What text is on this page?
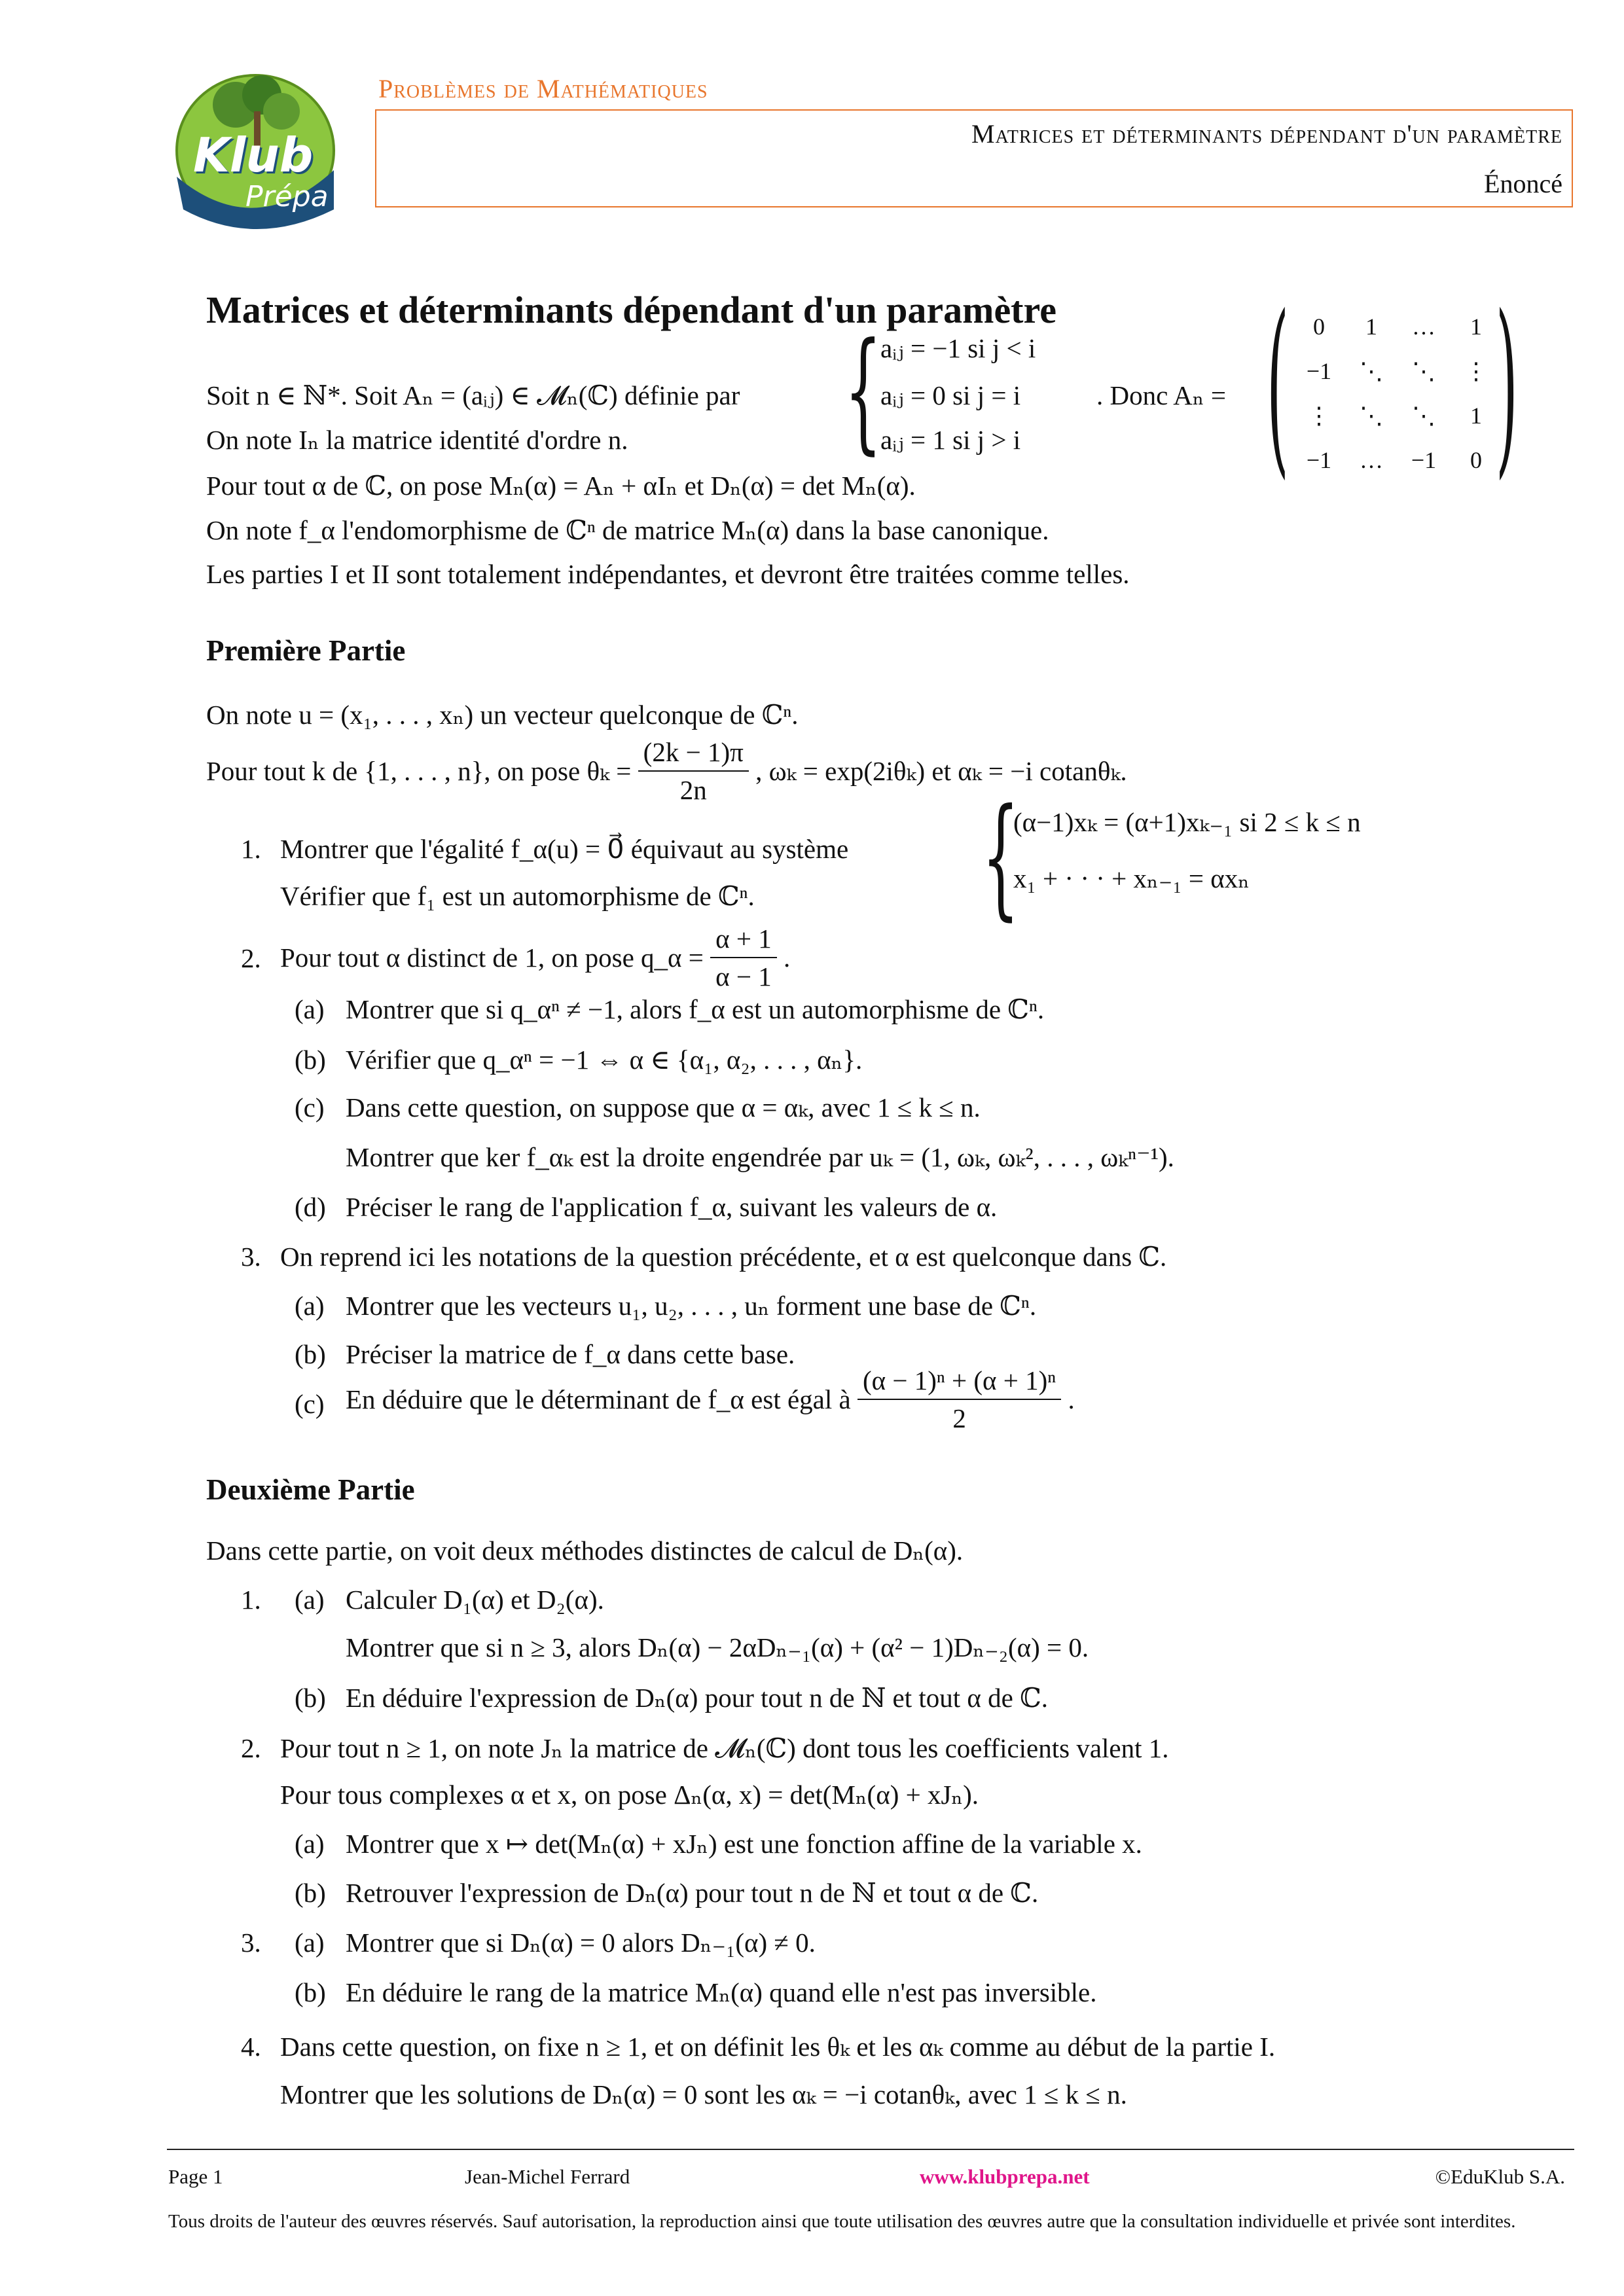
Klub
Prépa
Problèmes de Mathématiques
Matrices et déterminants dépendant d'un paramètre
Énoncé
Matrices et déterminants dépendant d'un paramètre
Soit n ∈ ℕ*. Soit Aₙ = (aᵢⱼ) ∈ 𝓜ₙ(ℂ) définie par {
aᵢⱼ = −1 si j < i
aᵢⱼ = 0 si j = i
aᵢⱼ = 1 si j > i
. Donc Aₙ = ( )
0	1	…	1
−1	⋱	⋱	⋮
⋮	⋱	⋱	1
−1	…	−1	0
On note Iₙ la matrice identité d'ordre n.
Pour tout α de ℂ, on pose Mₙ(α) = Aₙ + αIₙ et Dₙ(α) = det Mₙ(α).
On note f_α l'endomorphisme de ℂⁿ de matrice Mₙ(α) dans la base canonique.
Les parties I et II sont totalement indépendantes, et devront être traitées comme telles.
Première Partie
On note u = (x₁, . . . , xₙ) un vecteur quelconque de ℂⁿ.
Pour tout k de {1, . . . , n}, on pose $\theta_k = \frac{(2k - 1)\pi}{2n}$ , ωₖ = exp(2iθₖ) et αₖ = −i cotanθₖ.
1. Montrer que l'égalité f_α(u) = 0⃗ équivaut au système {
(α−1)xₖ = (α+1)xₖ₋₁ si 2 ≤ k ≤ n
x₁ + · · · + xₙ₋₁ = αxₙ
Vérifier que f₁ est un automorphisme de ℂⁿ.
2. Pour tout α distinct de 1, on pose q_α = $\frac{\alpha + 1}{\alpha - 1}$ .
(a) Montrer que si q_αⁿ ≠ −1, alors f_α est un automorphisme de ℂⁿ.
(b) Vérifier que q_αⁿ = −1 ⇔ α ∈ {α₁, α₂, . . . , αₙ}.
(c) Dans cette question, on suppose que α = αₖ, avec 1 ≤ k ≤ n.
Montrer que ker f_αₖ est la droite engendrée par uₖ = (1, ωₖ, ωₖ², . . . , ωₖⁿ⁻¹).
(d) Préciser le rang de l'application f_α, suivant les valeurs de α.
3. On reprend ici les notations de la question précédente, et α est quelconque dans ℂ.
(a) Montrer que les vecteurs u₁, u₂, . . . , uₙ forment une base de ℂⁿ.
(b) Préciser la matrice de f_α dans cette base.
(c) En déduire que le déterminant de f_α est égal à $\frac{\text{(α − 1)ⁿ + (α + 1)ⁿ}}{2}$ .
Deuxième Partie
Dans cette partie, on voit deux méthodes distinctes de calcul de Dₙ(α).
1. (a) Calculer D₁(α) et D₂(α).
Montrer que si n ≥ 3, alors Dₙ(α) − 2αDₙ₋₁(α) + (α² − 1)Dₙ₋₂(α) = 0.
(b) En déduire l'expression de Dₙ(α) pour tout n de ℕ et tout α de ℂ.
2. Pour tout n ≥ 1, on note Jₙ la matrice de 𝓜ₙ(ℂ) dont tous les coefficients valent 1.
Pour tous complexes α et x, on pose Δₙ(α, x) = det(Mₙ(α) + xJₙ).
(a) Montrer que x ↦ det(Mₙ(α) + xJₙ) est une fonction affine de la variable x.
(b) Retrouver l'expression de Dₙ(α) pour tout n de ℕ et tout α de ℂ.
3. (a) Montrer que si Dₙ(α) = 0 alors Dₙ₋₁(α) ≠ 0.
(b) En déduire le rang de la matrice Mₙ(α) quand elle n'est pas inversible.
4. Dans cette question, on fixe n ≥ 1, et on définit les θₖ et les αₖ comme au début de la partie I.
Montrer que les solutions de Dₙ(α) = 0 sont les αₖ = −i cotanθₖ, avec 1 ≤ k ≤ n.
Page 1	Jean-Michel Ferrard	www.klubprepa.net	©EduKlub S.A.
Tous droits de l'auteur des œuvres réservés. Sauf autorisation, la reproduction ainsi que toute utilisation des œuvres autre que la consultation individuelle et privée sont interdites.
